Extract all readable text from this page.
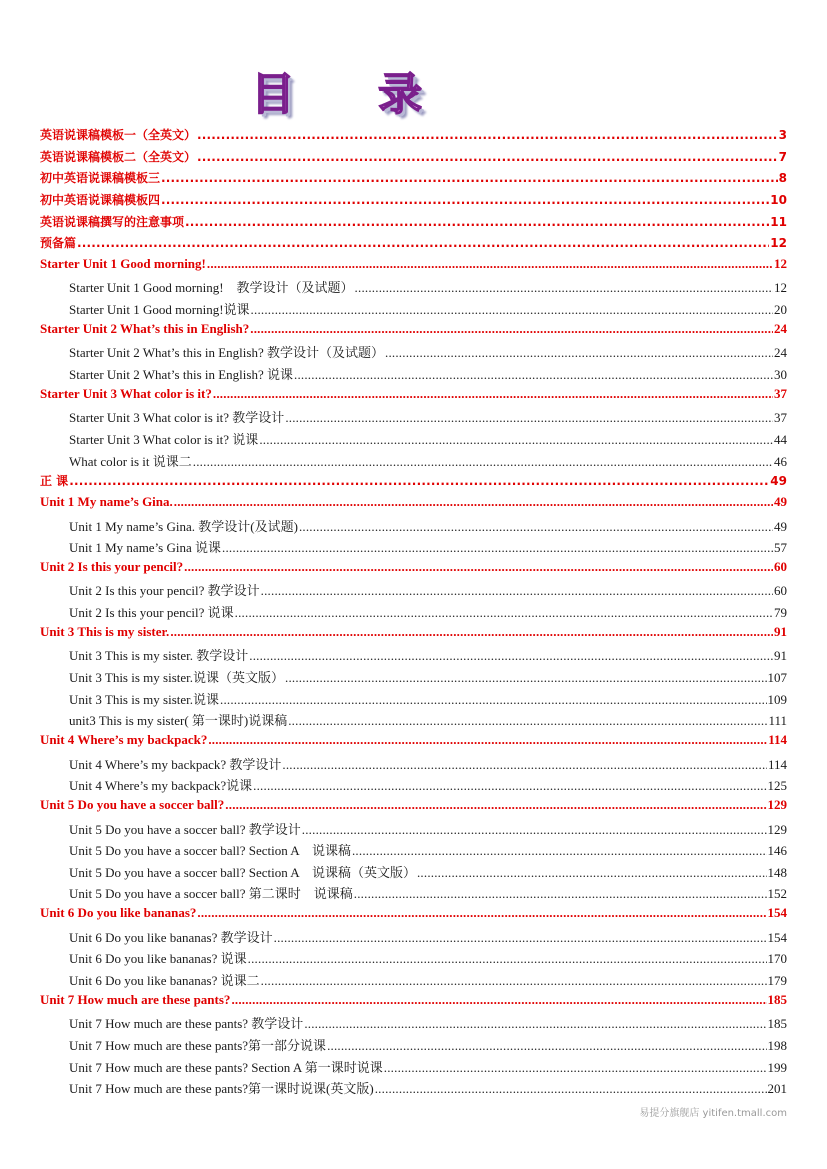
目 录
英语说课稿模板一（全英文） .....	3
英语说课稿模板二（全英文） .....	7
初中英语说课稿模板三 .....	8
初中英语说课稿模板四 .....	10
英语说课稿撰写的注意事项 .....	11
预备篇 .....	12
Starter Unit 1 Good morning! .....	12
Starter Unit 1 Good morning!　教学设计（及试题） .....	12
Starter Unit 1 Good morning!说课 .....	20
Starter Unit 2 What’s this in English? .....	24
Starter Unit 2 What’s this in English? 教学设计（及试题） .....	24
Starter Unit 2 What’s this in English? 说课 .....	30
Starter Unit 3 What color is it? .....	37
Starter Unit 3 What color is it? 教学设计 .....	37
Starter Unit 3 What color is it? 说课 .....	44
What color is it 说课二 .....	46
正 课 .....	49
Unit 1 My name’s Gina. .....	49
Unit 1 My name’s Gina. 教学设计(及试题) .....	49
Unit 1 My name’s Gina 说课 .....	57
Unit 2 Is this your pencil? .....	60
Unit 2 Is this your pencil? 教学设计 .....	60
Unit 2 Is this your pencil? 说课 .....	79
Unit 3 This is my sister. .....	91
Unit 3 This is my sister. 教学设计 .....	91
Unit 3 This is my sister.说课（英文版） .....	107
Unit 3 This is my sister.说课 .....	109
unit3 This is my sister( 第一课时)说课稿 .....	111
Unit 4 Where’s my backpack? .....	114
Unit 4 Where’s my backpack? 教学设计 .....	114
Unit 4 Where’s my backpack?说课 .....	125
Unit 5 Do you have a soccer ball? .....	129
Unit 5 Do you have a soccer ball? 教学设计 .....	129
Unit 5 Do you have a soccer ball? Section A　说课稿 .....	146
Unit 5 Do you have a soccer ball? Section A　说课稿（英文版） .....	148
Unit 5 Do you have a soccer ball? 第二课时　说课稿 .....	152
Unit 6 Do you like bananas? .....	154
Unit 6 Do you like bananas? 教学设计 .....	154
Unit 6 Do you like bananas? 说课 .....	170
Unit 6 Do you like bananas? 说课二 .....	179
Unit 7 How much are these pants? .....	185
Unit 7 How much are these pants? 教学设计 .....	185
Unit 7 How much are these pants?第一部分说课 .....	198
Unit 7 How much are these pants? Section A 第一课时说课 .....	199
Unit 7 How much are these pants?第一课时说课(英文版) .....	201
易提分旗舰店 yitifen.tmall.com
